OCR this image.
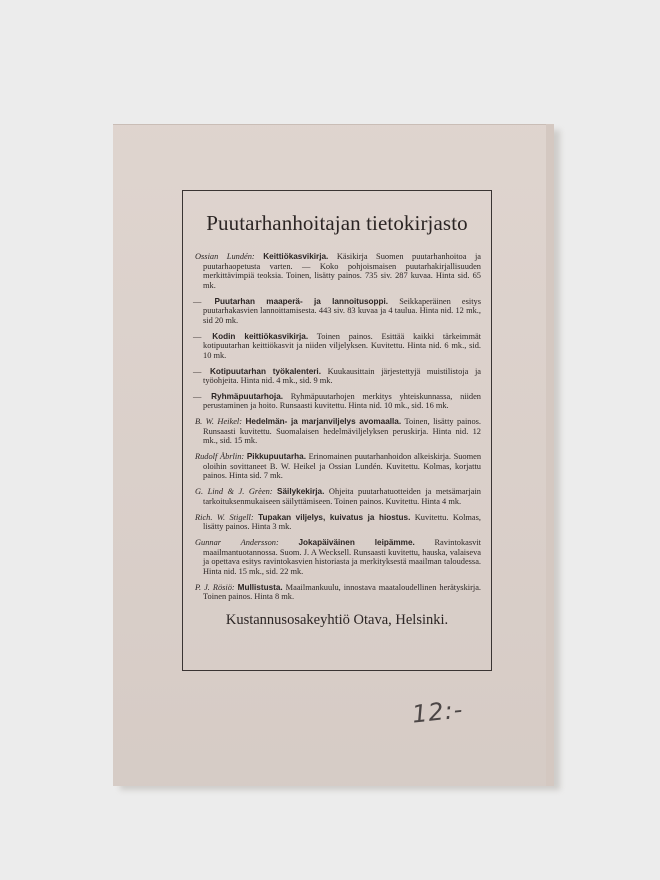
Puutarhanhoitajan tietokirjasto

Ossian Lundén: Keittiökasvikirja. Käsikirja Suomen puutarhanhoitoa ja puutarhaopetusta varten. — Koko pohjoismaisen puutarhakirjallisuuden merkittävimpiä teoksia. Toinen, lisätty painos. 735 siv. 287 kuvaa. Hinta sid. 65 mk.

— Puutarhan maaperä- ja lannoitusoppi. Seikkaperäinen esitys puutarhakasvien lannoittamisesta. 443 siv. 83 kuvaa ja 4 taulua. Hinta nid. 12 mk., sid 20 mk.

— Kodin keittiökasvikirja. Toinen painos. Esittää kaikki tärkeimmät kotipuutarhan keittiökasvit ja niiden viljelyksen. Kuvitettu. Hinta nid. 6 mk., sid. 10 mk.

— Kotipuutarhan työkalenteri. Kuukausittain järjestettyjä muistilistoja ja työohjeita. Hinta nid. 4 mk., sid. 9 mk.

— Ryhmäpuutarhoja. Ryhmäpuutarhojen merkitys yhteiskunnassa, niiden perustaminen ja hoito. Runsaasti kuvitettu. Hinta nid. 10 mk., sid. 16 mk.

B. W. Heikel: Hedelmän- ja marjanviljelys avomaalla. Toinen, lisätty painos. Runsaasti kuvitettu. Suomalaisen hedelmäviljelyksen peruskirja. Hinta nid. 12 mk., sid. 15 mk.

Rudolf Åbrlin: Pikkupuutarha. Erinomainen puutarhanhoidon alkeiskirja. Suomen oloihin sovittaneet B. W. Heikel ja Ossian Lundén. Kuvitettu. Kolmas, korjattu painos. Hinta sid. 7 mk.

G. Lind & J. Grèen: Säilykekirja. Ohjeita puutarhatuotteiden ja metsämarjain tarkoituksenmukaiseen säilyttämiseen. Toinen painos. Kuvitettu. Hinta 4 mk.

Rich. W. Stigell: Tupakan viljelys, kuivatus ja hiostus. Kuvitettu. Kolmas, lisätty painos. Hinta 3 mk.

Gunnar Andersson: Jokapäiväinen leipämme. Ravintokasvit maailmantuotannossa. Suom. J. A Wecksell. Runsaasti kuvitettu, hauska, valaiseva ja opettava esitys ravintokasvien historiasta ja merkityksestä maailman taloudessa. Hinta nid. 15 mk., sid. 22 mk.

P. J. Rösiö: Mullistusta. Maailmankuulu, innostava maataloudellinen herätyskirja. Toinen painos. Hinta 8 mk.

Kustannusosakeyhtiö Otava, Helsinki.
12:-
